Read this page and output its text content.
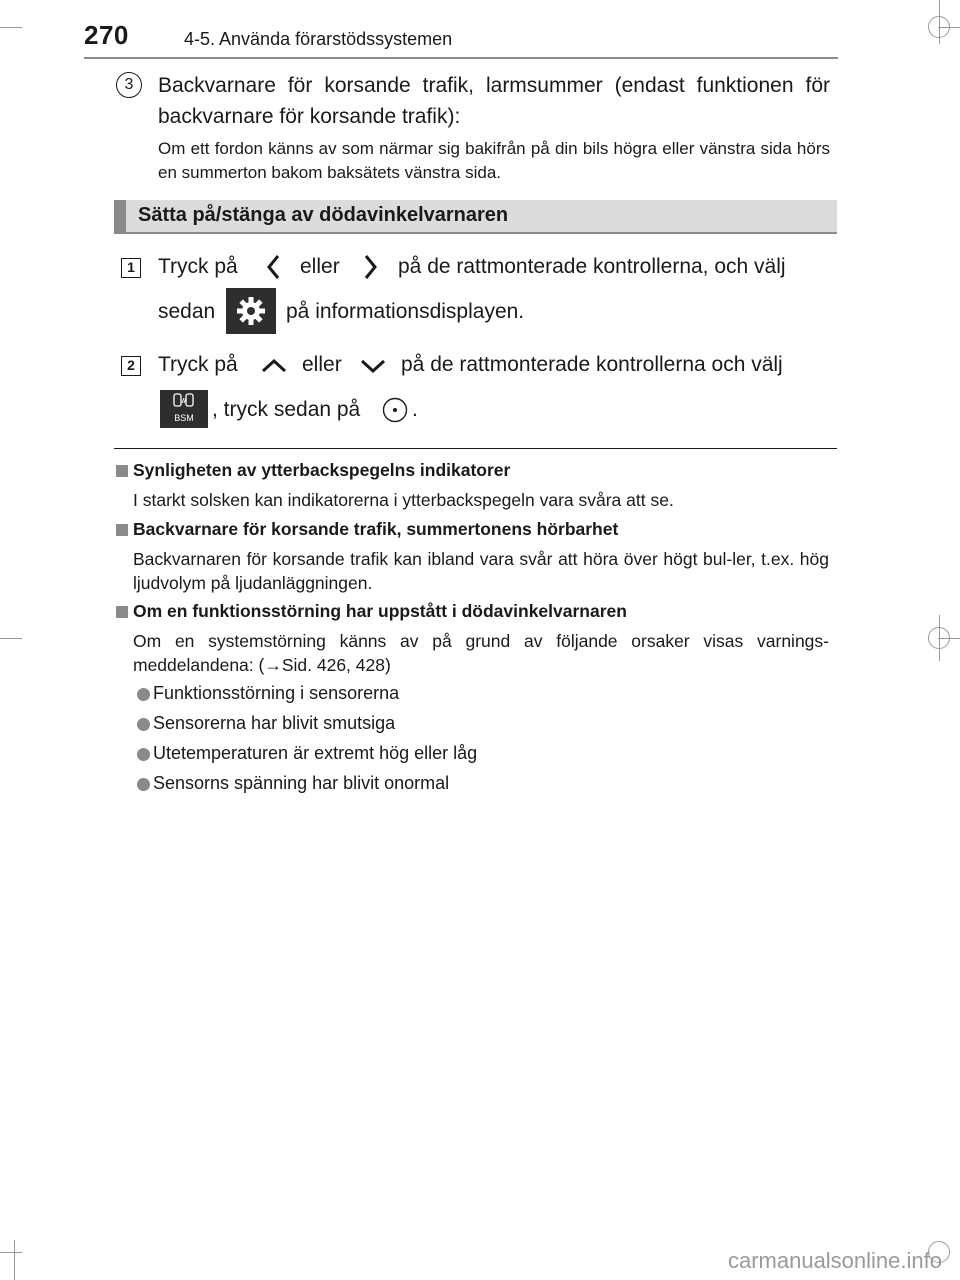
270	4-5. Använda förarstödssystemen
3	Backvarnare för korsande trafik, larmsummer (endast funktionen för backvarnare för korsande trafik):
Om ett fordon känns av som närmar sig bakifrån på din bils högra eller vänstra sida hörs en summerton bakom baksätets vänstra sida.
Sätta på/stänga av dödavinkelvarnaren
1 Tryck på	eller	på de rattmonterade kontrollerna, och välj
sedan	på informationsdisplayen.
2 Tryck på	eller	på de rattmonterade kontrollerna och välj
BSM , tryck sedan på .
Synligheten av ytterbackspegelns indikatorer
I starkt solsken kan indikatorerna i ytterbackspegeln vara svåra att se.
Backvarnare för korsande trafik, summertonens hörbarhet
Backvarnaren för korsande trafik kan ibland vara svår att höra över högt bul-ler, t.ex. hög ljudvolym på ljudanläggningen.
Om en funktionsstörning har uppstått i dödavinkelvarnaren
Om en systemstörning känns av på grund av följande orsaker visas varnings-meddelandena: (→Sid. 426, 428)
Funktionsstörning i sensorerna
Sensorerna har blivit smutsiga
Utetemperaturen är extremt hög eller låg
Sensorns spänning har blivit onormal
carmanualsonline.info
